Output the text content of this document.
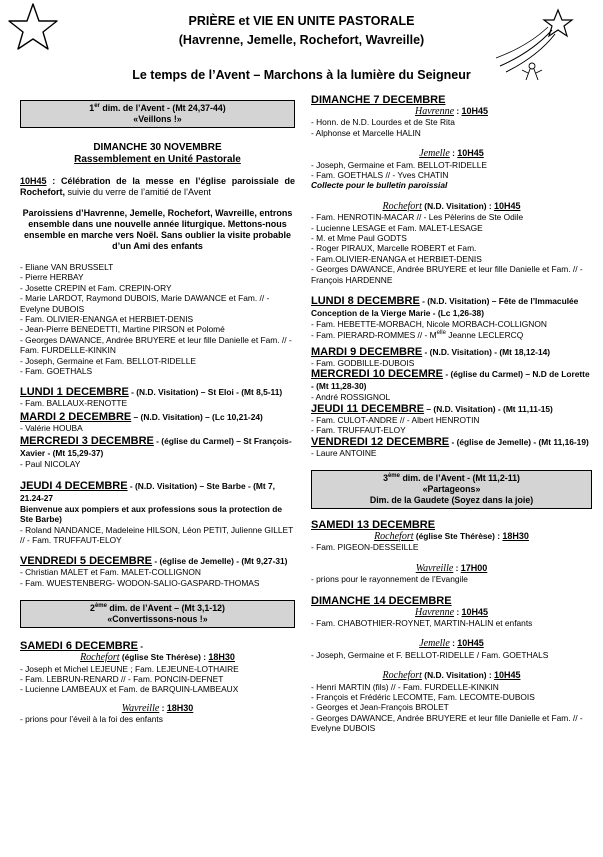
PRIÈRE et VIE EN UNITE PASTORALE
(Havrenne, Jemelle, Rochefort, Wavreille)
Le temps de l’Avent – Marchons à la lumière du Seigneur
1er dim. de l’Avent - (Mt 24,37-44)
«Veillons !»
DIMANCHE 30 NOVEMBRE
Rassemblement en Unité Pastorale
10H45 : Célébration de la messe en l’église paroissiale de Rochefort, suivie du verre de l’amitié de l’Avent
Paroissiens d’Havrenne, Jemelle, Rochefort, Wavreille, entrons ensemble dans une nouvelle année liturgique. Mettons-nous ensemble en marche vers Noël. Sans oublier la visite probable d’un Ami des enfants
- Eliane VAN BRUSSELT
- Pierre HERBAY
- Josette CREPIN et Fam. CREPIN-ORY
- Marie LARDOT, Raymond DUBOIS, Marie DAWANCE et Fam. // - Evelyne DUBOIS
- Fam. OLIVIER-ENANGA et HERBIET-DENIS
- Jean-Pierre BENEDETTI, Martine PIRSON et Polomé
- Georges DAWANCE, Andrée BRUYERE et leur fille Danielle et Fam. // - Fam. FURDELLE-KINKIN
- Joseph, Germaine et Fam. BELLOT-RIDELLE
- Fam. GOETHALS
LUNDI 1 DECEMBRE - (N.D. Visitation) – St Eloi - (Mt 8,5-11)
- Fam. BALLAUX-RENOTTE
MARDI 2 DECEMBRE – (N.D. Visitation) – (Lc 10,21-24)
- Valérie HOUBA
MERCREDI 3 DECEMBRE - (église du Carmel) – St François-Xavier - (Mt 15,29-37)
- Paul NICOLAY
JEUDI 4 DECEMBRE - (N.D. Visitation) – Ste Barbe - (Mt 7, 21.24-27
Bienvenue aux pompiers et aux professions sous la protection de Ste Barbe)
- Roland NANDANCE, Madeleine HILSON, Léon PETIT, Julienne GILLET // - Fam. TRUFFAUT-ELOY
VENDREDI 5 DECEMBRE - (église de Jemelle) - (Mt 9,27-31)
- Christian MALET et Fam. MALET-COLLIGNON
- Fam. WUESTENBERG- WODON-SALIO-GASPARD-THOMAS
2ème dim. de l’Avent – (Mt 3,1-12)
«Convertissons-nous !»
SAMEDI 6 DECEMBRE -
Rochefort (église Ste Thérèse) : 18H30
- Joseph et Michel LEJEUNE ; Fam. LEJEUNE-LOTHAIRE
- Fam. LEBRUN-RENARD // - Fam. PONCIN-DEFNET
- Lucienne LAMBEAUX et Fam. de BARQUIN-LAMBEAUX
Wavreille : 18H30
- prions pour l’éveil à la foi des enfants
DIMANCHE 7 DECEMBRE
Havrenne : 10H45
- Honn. de N.D. Lourdes et de Ste Rita
- Alphonse et Marcelle HALIN
Jemelle : 10H45
- Joseph, Germaine et Fam. BELLOT-RIDELLE
- Fam. GOETHALS // - Yves CHATIN
Collecte pour le bulletin paroissial
Rochefort (N.D. Visitation) : 10H45
- Fam. HENROTIN-MACAR // - Les Pèlerins de Ste Odile
- Lucienne LESAGE et Fam. MALET-LESAGE
- M. et Mme Paul GODTS
- Roger PIRAUX, Marcelle ROBERT et Fam.
- Fam.OLIVIER-ENANGA et HERBIET-DENIS
- Georges DAWANCE, Andrée BRUYERE et leur fille Danielle et Fam. // - François HARDENNE
LUNDI 8 DECEMBRE - (N.D. Visitation) – Fête de l’Immaculée Conception de la Vierge Marie - (Lc 1,26-38)
- Fam. HEBETTE-MORBACH, Nicole MORBACH-COLLIGNON
- Fam. PIERARD-ROMMES // - $M^{elle}$ Jeanne LECLERCQ
MARDI 9 DECEMBRE - (N.D. Visitation) - (Mt 18,12-14)
- Fam. GODBILLE-DUBOIS
MERCREDI 10 DECEMRE - (église du Carmel) – N.D de Lorette - (Mt 11,28-30)
- André ROSSIGNOL
JEUDI 11 DECEMBRE – (N.D. Visitation) - (Mt 11,11-15)
- Fam. CULOT-ANDRE // - Albert HENROTIN
- Fam. TRUFFAUT-ELOY
VENDREDI 12 DECEMBRE - (église de Jemelle) - (Mt 11,16-19)
- Laure ANTOINE
3ème dim. de l’Avent - (Mt 11,2-11)
«Partageons»
Dim. de la Gaudete (Soyez dans la joie)
SAMEDI 13 DECEMBRE
Rochefort (église Ste Thérèse) : 18H30
- Fam. PIGEON-DESSEILLE
Wavreille : 17H00
- prions pour le rayonnement de l’Evangile
DIMANCHE 14 DECEMBRE
Havrenne : 10H45
- Fam. CHABOTHIER-ROYNET, MARTIN-HALIN et enfants
Jemelle : 10H45
- Joseph, Germaine et F. BELLOT-RIDELLE / Fam. GOETHALS
Rochefort (N.D. Visitation) : 10H45
- Henri MARTIN (fils) // - Fam. FURDELLE-KINKIN
- François et Frédéric LECOMTE, Fam. LECOMTE-DUBOIS
- Georges et Jean-François BROLET
- Georges DAWANCE, Andrée BRUYERE et leur fille Danielle et Fam. // - Evelyne DUBOIS
